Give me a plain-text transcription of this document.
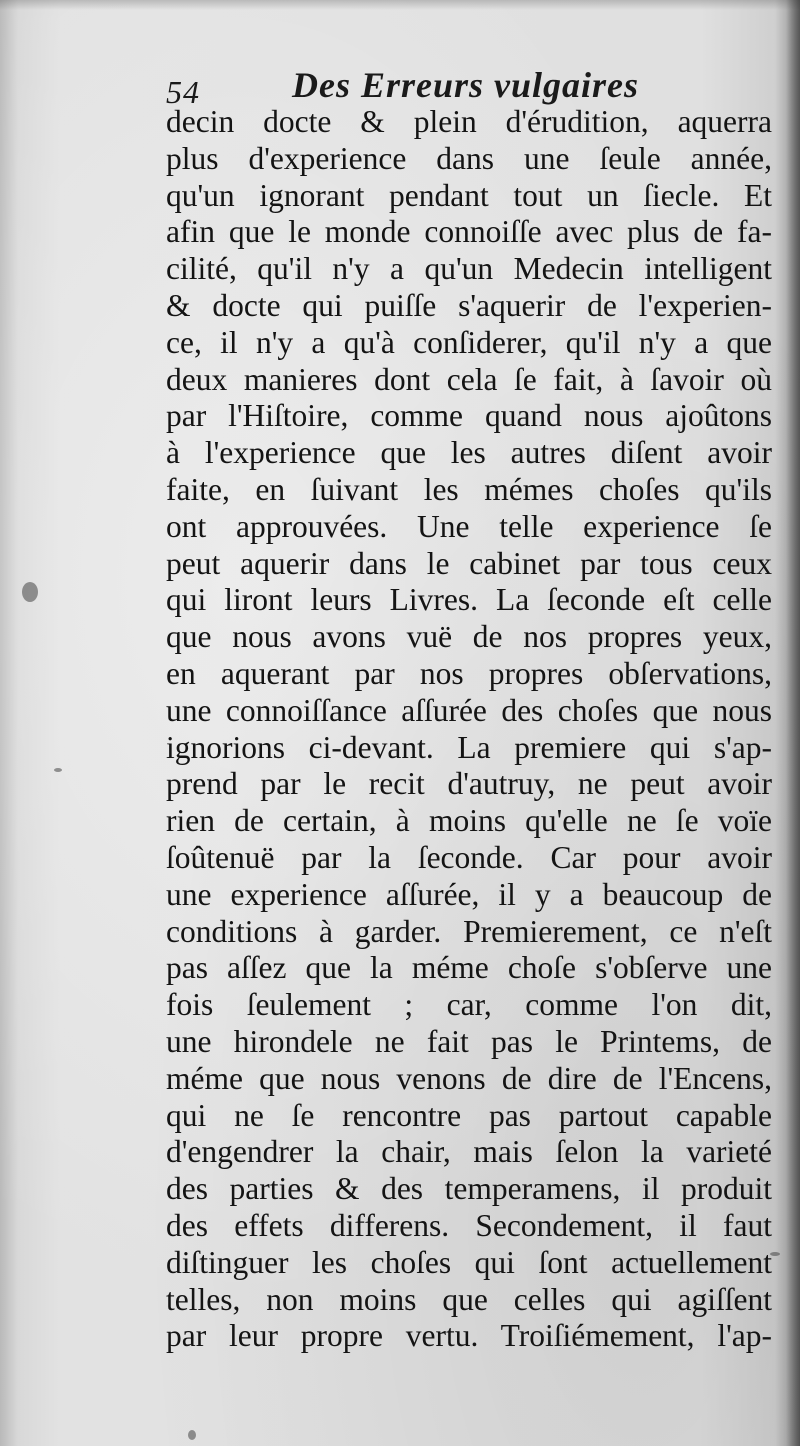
54	Des Erreurs vulgaires
decin docte & plein d'érudition, aquerra
plus d'experience dans une ſeule année,
qu'un ignorant pendant tout un ſiecle. Et
afin que le monde connoiſſe avec plus de fa-
cilité, qu'il n'y a qu'un Medecin intelligent
& docte qui puiſſe s'aquerir de l'experien-
ce, il n'y a qu'à conſiderer, qu'il n'y a que
deux manieres dont cela ſe fait, à ſavoir où
par l'Hiſtoire, comme quand nous ajoûtons
à l'experience que les autres diſent avoir
faite, en ſuivant les mémes choſes qu'ils
ont approuvées. Une telle experience ſe
peut aquerir dans le cabinet par tous ceux
qui liront leurs Livres. La ſeconde eſt celle
que nous avons vuë de nos propres yeux,
en aquerant par nos propres obſervations,
une connoiſſance aſſurée des choſes que nous
ignorions ci-devant. La premiere qui s'ap-
prend par le recit d'autruy, ne peut avoir
rien de certain, à moins qu'elle ne ſe voïe
ſoûtenuë par la ſeconde. Car pour avoir
une experience aſſurée, il y a beaucoup de
conditions à garder. Premierement, ce n'eſt
pas aſſez que la méme choſe s'obſerve une
fois ſeulement ; car, comme l'on dit,
une hirondele ne fait pas le Printems, de
méme que nous venons de dire de l'Encens,
qui ne ſe rencontre pas partout capable
d'engendrer la chair, mais ſelon la varieté
des parties & des temperamens, il produit
des effets differens. Secondement, il faut
diſtinguer les choſes qui ſont actuellement
telles, non moins que celles qui agiſſent
par leur propre vertu. Troiſiémement, l'ap-
